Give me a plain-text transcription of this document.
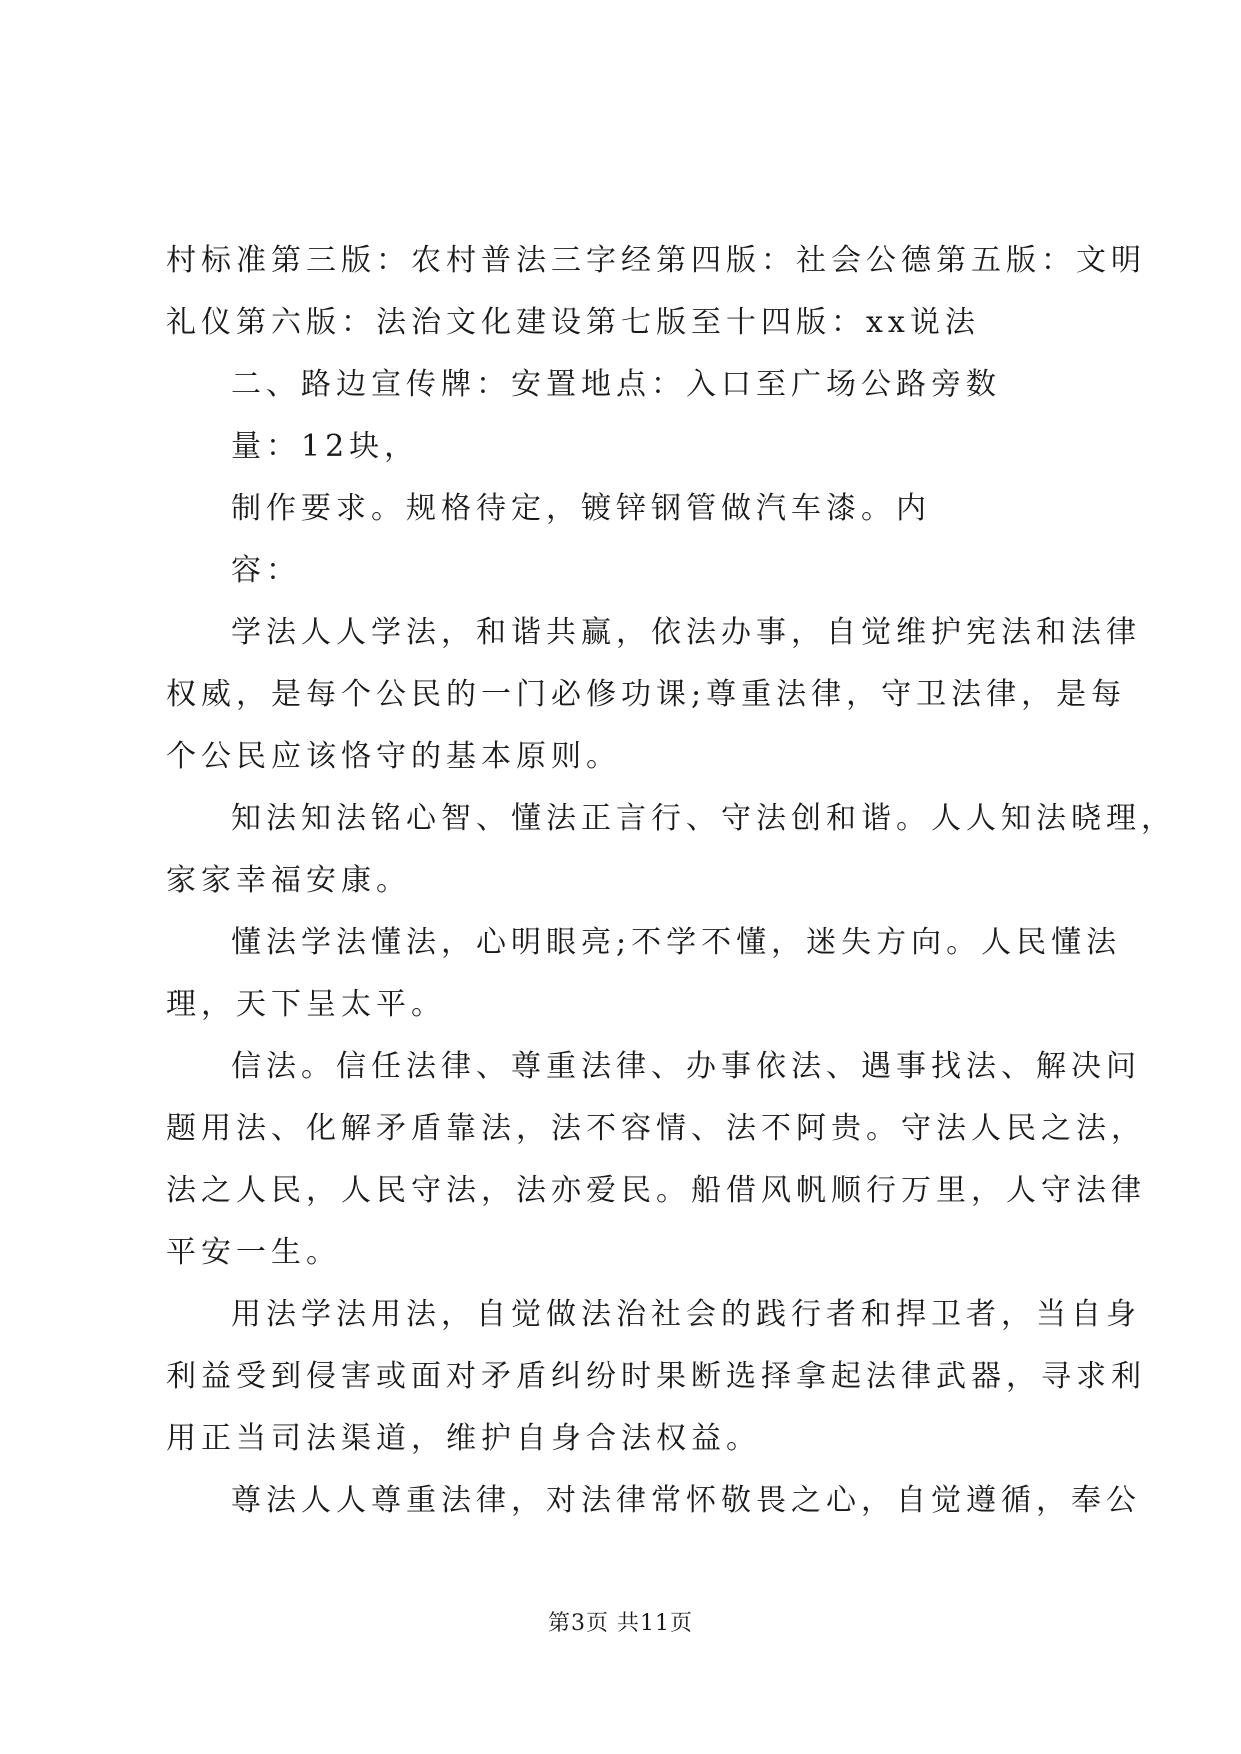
村标准第三版：农村普法三字经第四版：社会公德第五版：文明
礼仪第六版：法治文化建设第七版至十四版：xx说法
二、路边宣传牌：安置地点：入口至广场公路旁数
量：12块，
制作要求。规格待定，镀锌钢管做汽车漆。内
容：
学法人人学法，和谐共赢，依法办事，自觉维护宪法和法律
权威，是每个公民的一门必修功课;尊重法律，守卫法律，是每
个公民应该恪守的基本原则。
知法知法铭心智、懂法正言行、守法创和谐。人人知法晓理，
家家幸福安康。
懂法学法懂法，心明眼亮;不学不懂，迷失方向。人民懂法
理，天下呈太平。
信法。信任法律、尊重法律、办事依法、遇事找法、解决问
题用法、化解矛盾靠法，法不容情、法不阿贵。守法人民之法，
法之人民，人民守法，法亦爱民。船借风帆顺行万里，人守法律
平安一生。
用法学法用法，自觉做法治社会的践行者和捍卫者，当自身
利益受到侵害或面对矛盾纠纷时果断选择拿起法律武器，寻求利
用正当司法渠道，维护自身合法权益。
尊法人人尊重法律，对法律常怀敬畏之心，自觉遵循，奉公
第3页 共11页
